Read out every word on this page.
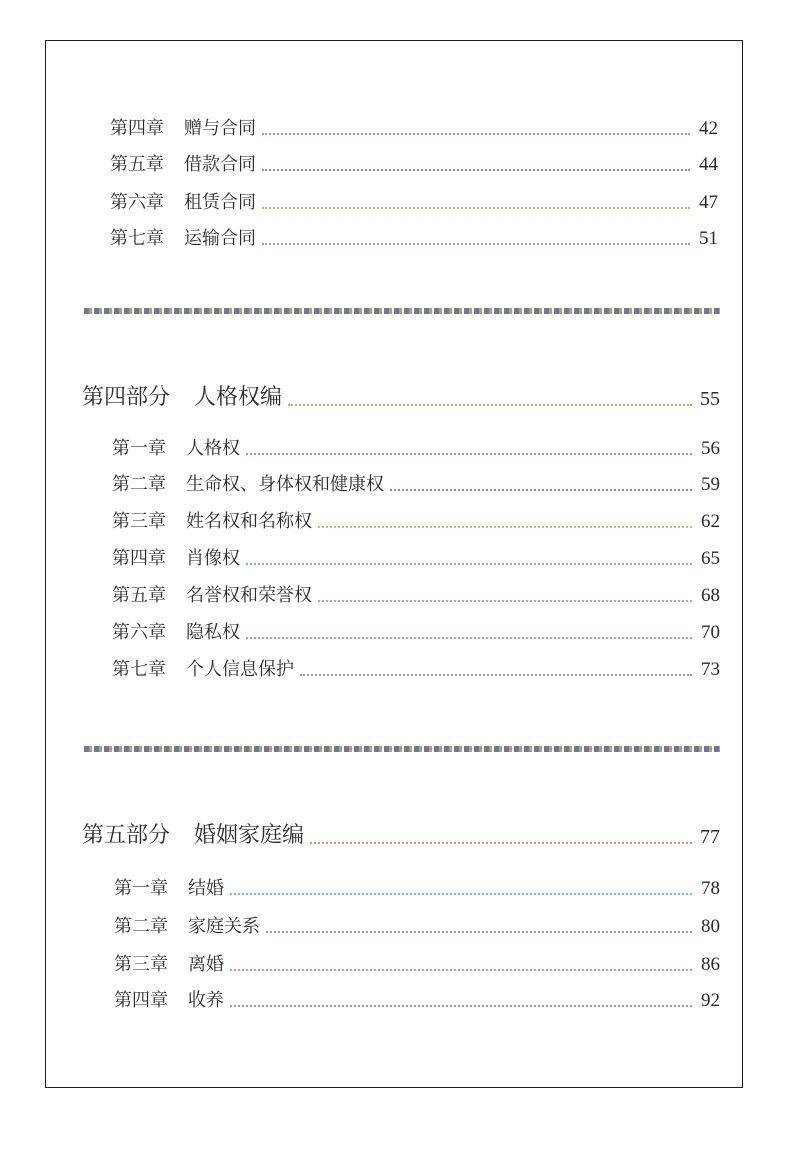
第四章	赠与合同	42
第五章	借款合同	44
第六章	租赁合同	47
第七章	运输合同	51
第四部分	人格权编	55
第一章	人格权	56
第二章	生命权、身体权和健康权	59
第三章	姓名权和名称权	62
第四章	肖像权	65
第五章	名誉权和荣誉权	68
第六章	隐私权	70
第七章	个人信息保护	73
第五部分	婚姻家庭编	77
第一章	结婚	78
第二章	家庭关系	80
第三章	离婚	86
第四章	收养	92
